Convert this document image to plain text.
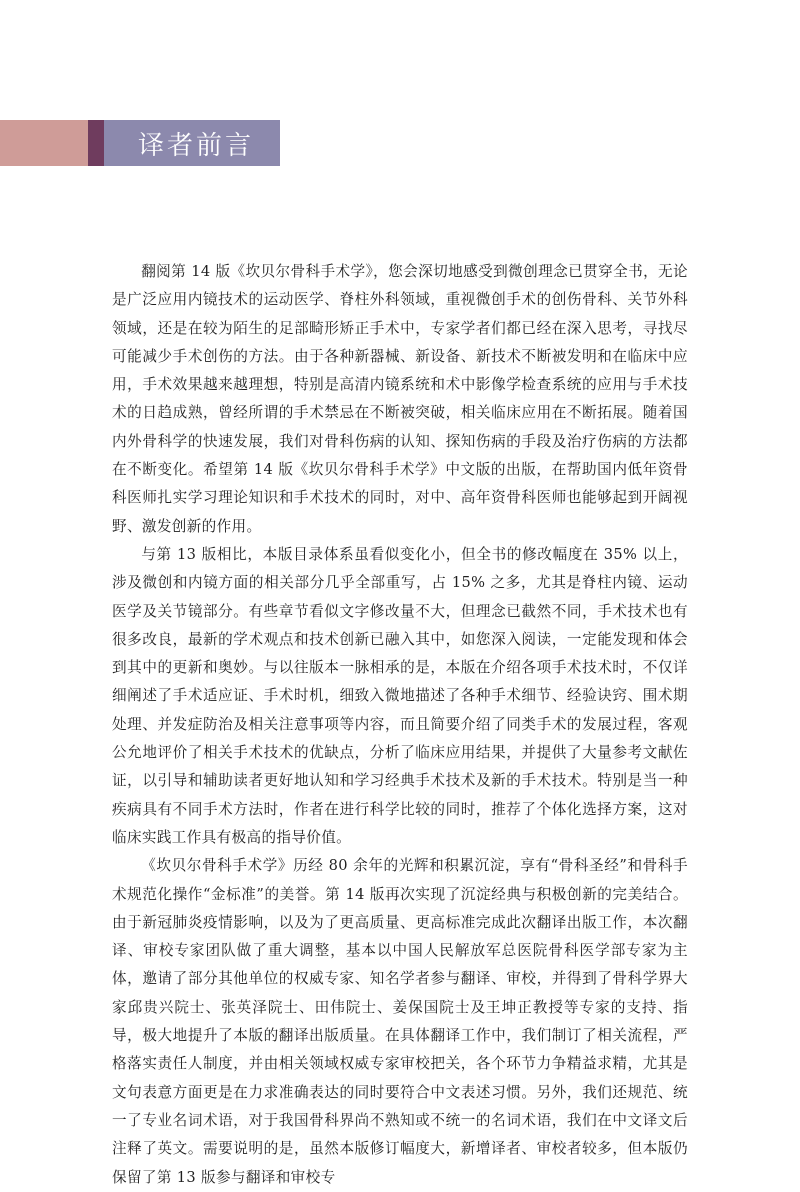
译者前言

翻阅第 14 版《坎贝尔骨科手术学》，您会深切地感受到微创理念已贯穿全书，无论是广泛应用内镜技术的运动医学、脊柱外科领域，重视微创手术的创伤骨科、关节外科领域，还是在较为陌生的足部畸形矫正手术中，专家学者们都已经在深入思考，寻找尽可能减少手术创伤的方法。由于各种新器械、新设备、新技术不断被发明和在临床中应用，手术效果越来越理想，特别是高清内镜系统和术中影像学检查系统的应用与手术技术的日趋成熟，曾经所谓的手术禁忌在不断被突破，相关临床应用在不断拓展。随着国内外骨科学的快速发展，我们对骨科伤病的认知、探知伤病的手段及治疗伤病的方法都在不断变化。希望第 14 版《坎贝尔骨科手术学》中文版的出版，在帮助国内低年资骨科医师扎实学习理论知识和手术技术的同时，对中、高年资骨科医师也能够起到开阔视野、激发创新的作用。

与第 13 版相比，本版目录体系虽看似变化小，但全书的修改幅度在 35% 以上，涉及微创和内镜方面的相关部分几乎全部重写，占 15% 之多，尤其是脊柱内镜、运动医学及关节镜部分。有些章节看似文字修改量不大，但理念已截然不同，手术技术也有很多改良，最新的学术观点和技术创新已融入其中，如您深入阅读，一定能发现和体会到其中的更新和奥妙。与以往版本一脉相承的是，本版在介绍各项手术技术时，不仅详细阐述了手术适应证、手术时机，细致入微地描述了各种手术细节、经验诀窍、围术期处理、并发症防治及相关注意事项等内容，而且简要介绍了同类手术的发展过程，客观公允地评价了相关手术技术的优缺点，分析了临床应用结果，并提供了大量参考文献佐证，以引导和辅助读者更好地认知和学习经典手术技术及新的手术技术。特别是当一种疾病具有不同手术方法时，作者在进行科学比较的同时，推荐了个体化选择方案，这对临床实践工作具有极高的指导价值。

《坎贝尔骨科手术学》历经 80 余年的光辉和积累沉淀，享有“骨科圣经”和骨科手术规范化操作“金标准”的美誉。第 14 版再次实现了沉淀经典与积极创新的完美结合。由于新冠肺炎疫情影响，以及为了更高质量、更高标准完成此次翻译出版工作，本次翻译、审校专家团队做了重大调整，基本以中国人民解放军总医院骨科医学部专家为主体，邀请了部分其他单位的权威专家、知名学者参与翻译、审校，并得到了骨科学界大家邱贵兴院士、张英泽院士、田伟院士、姜保国院士及王坤正教授等专家的支持、指导，极大地提升了本版的翻译出版质量。在具体翻译工作中，我们制订了相关流程，严格落实责任人制度，并由相关领域权威专家审校把关，各个环节力争精益求精，尤其是文句表意方面更是在力求准确表达的同时要符合中文表述习惯。另外，我们还规范、统一了专业名词术语，对于我国骨科界尚不熟知或不统一的名词术语，我们在中文译文后注释了英文。需要说明的是，虽然本版修订幅度大，新增译者、审校者较多，但本版仍保留了第 13 版参与翻译和审校专
